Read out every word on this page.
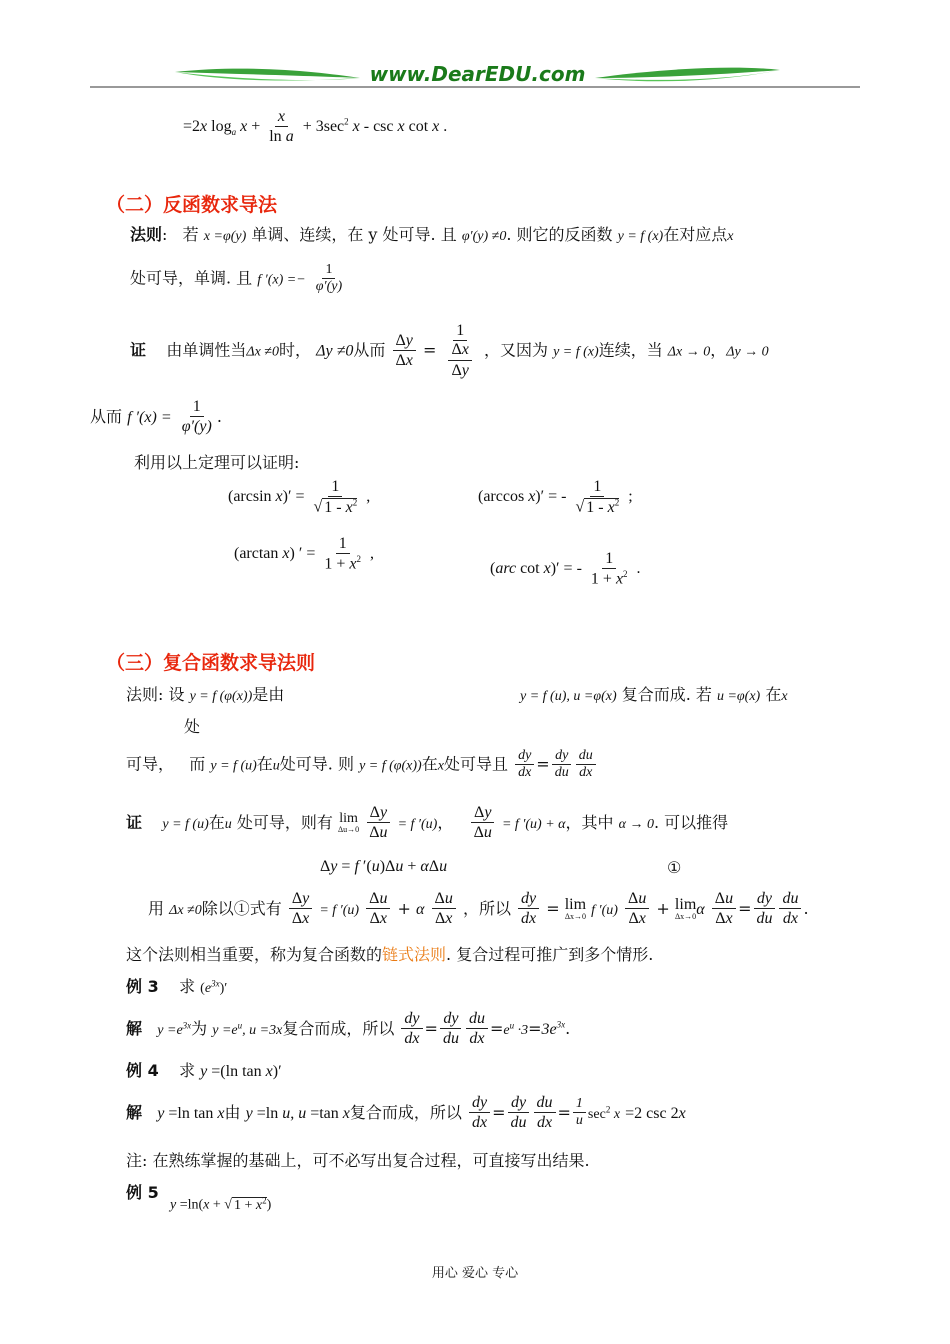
www.DearEDU.com
=2x $\log_a x + \frac{x}{\text{ln a}} + 3\sec^2$ x - csc x cot x .
（二）反函数求导法
法则:   若 x =φ(y) 单调、连续，在 y 处可导. 且 φ′(y) ≠0. 则它的反函数 y = f (x)在对应点x
处可导，单调. 且 f $'(x) =- \frac{1}{\varphi'(y)}$
证 由单调性当Δx ≠0时， Δy ≠0从而 $\frac{\Delta y}{\Delta x} = \frac{1}{\frac{\Delta x}{\Delta y}}$ ，又因为 y = f (x)连续，当 Δx → 0，Δy → 0
从而 f $'(x) = \frac{1}{\varphi'(y)}$ .
利用以上定理可以证明:
(arcsin $x)' = \frac{1}{√ 1 - x^2}$ ,	(arccos x)′ = - $\frac{1}{√ 1 - x^2}$ ;
(arctan x) ′ = $\frac{1}{1 + x^2}$ ,
(arc cot x)′ = - $\frac{1}{1 + x^2}$ .
（三）复合函数求导法则
法则: 设 y = f (φ(x))是由	y = f (u), u =φ(x) 复合而成. 若 u =φ(x) 在x
处
可导， 而 y = f (u)在u处可导. 则 y = f (φ(x))在x处可导且 $\frac{dy}{dx} = \frac{dy}{du} \frac{du}{dx}$
证 y = f (u)在u 处可导，则有 lim
Δu→0
$\frac{\Delta y}{\Delta u} = f$ ′(u)， $\frac{\Delta y}{\Delta u} = f$ ′(u) + α，其中 α → 0. 可以推得
Δy = f ′(u)Δu + αΔu	①
用 Δx ≠0除以①式有 $\frac{\Delta y}{\Delta x} = f$ $'(u) \frac{\Delta u}{\Delta x} + \alpha \frac{\Delta u}{\Delta x}$ ，所以 $\frac{dy}{dx} = \lim$
Δx→0 f $'(u) \frac{\Delta u}{\Delta x} + \lim$
Δx→0 α $\frac{\Delta u}{\Delta x} = \frac{dy}{du} \frac{du}{dx}$ .
这个法则相当重要，称为复合函数的链式法则. 复合过程可推广到多个情形.
例 3 求 $(e^{3x})'$
解 $y =e^{3x}$为 $y =e^u$, u =3x复合而成，所以 $\frac{dy}{dx} = \frac{dy}{du} \frac{du}{dx} =e^u \cdot 3=3e^{3x}$.
例 4 求 y =(ln tan x)′
解 y =ln tan x由 y =ln u, u =tan x复合而成，所以 $\frac{dy}{dx} = \frac{dy}{du} \frac{du}{dx} = \frac{1}{u} \sec^2 x =2$ csc 2x
注: 在熟练掌握的基础上，可不必写出复合过程，可直接写出结果.
例 5
y =ln(x + √ $1 + x^2$)
用心 爱心 专心
